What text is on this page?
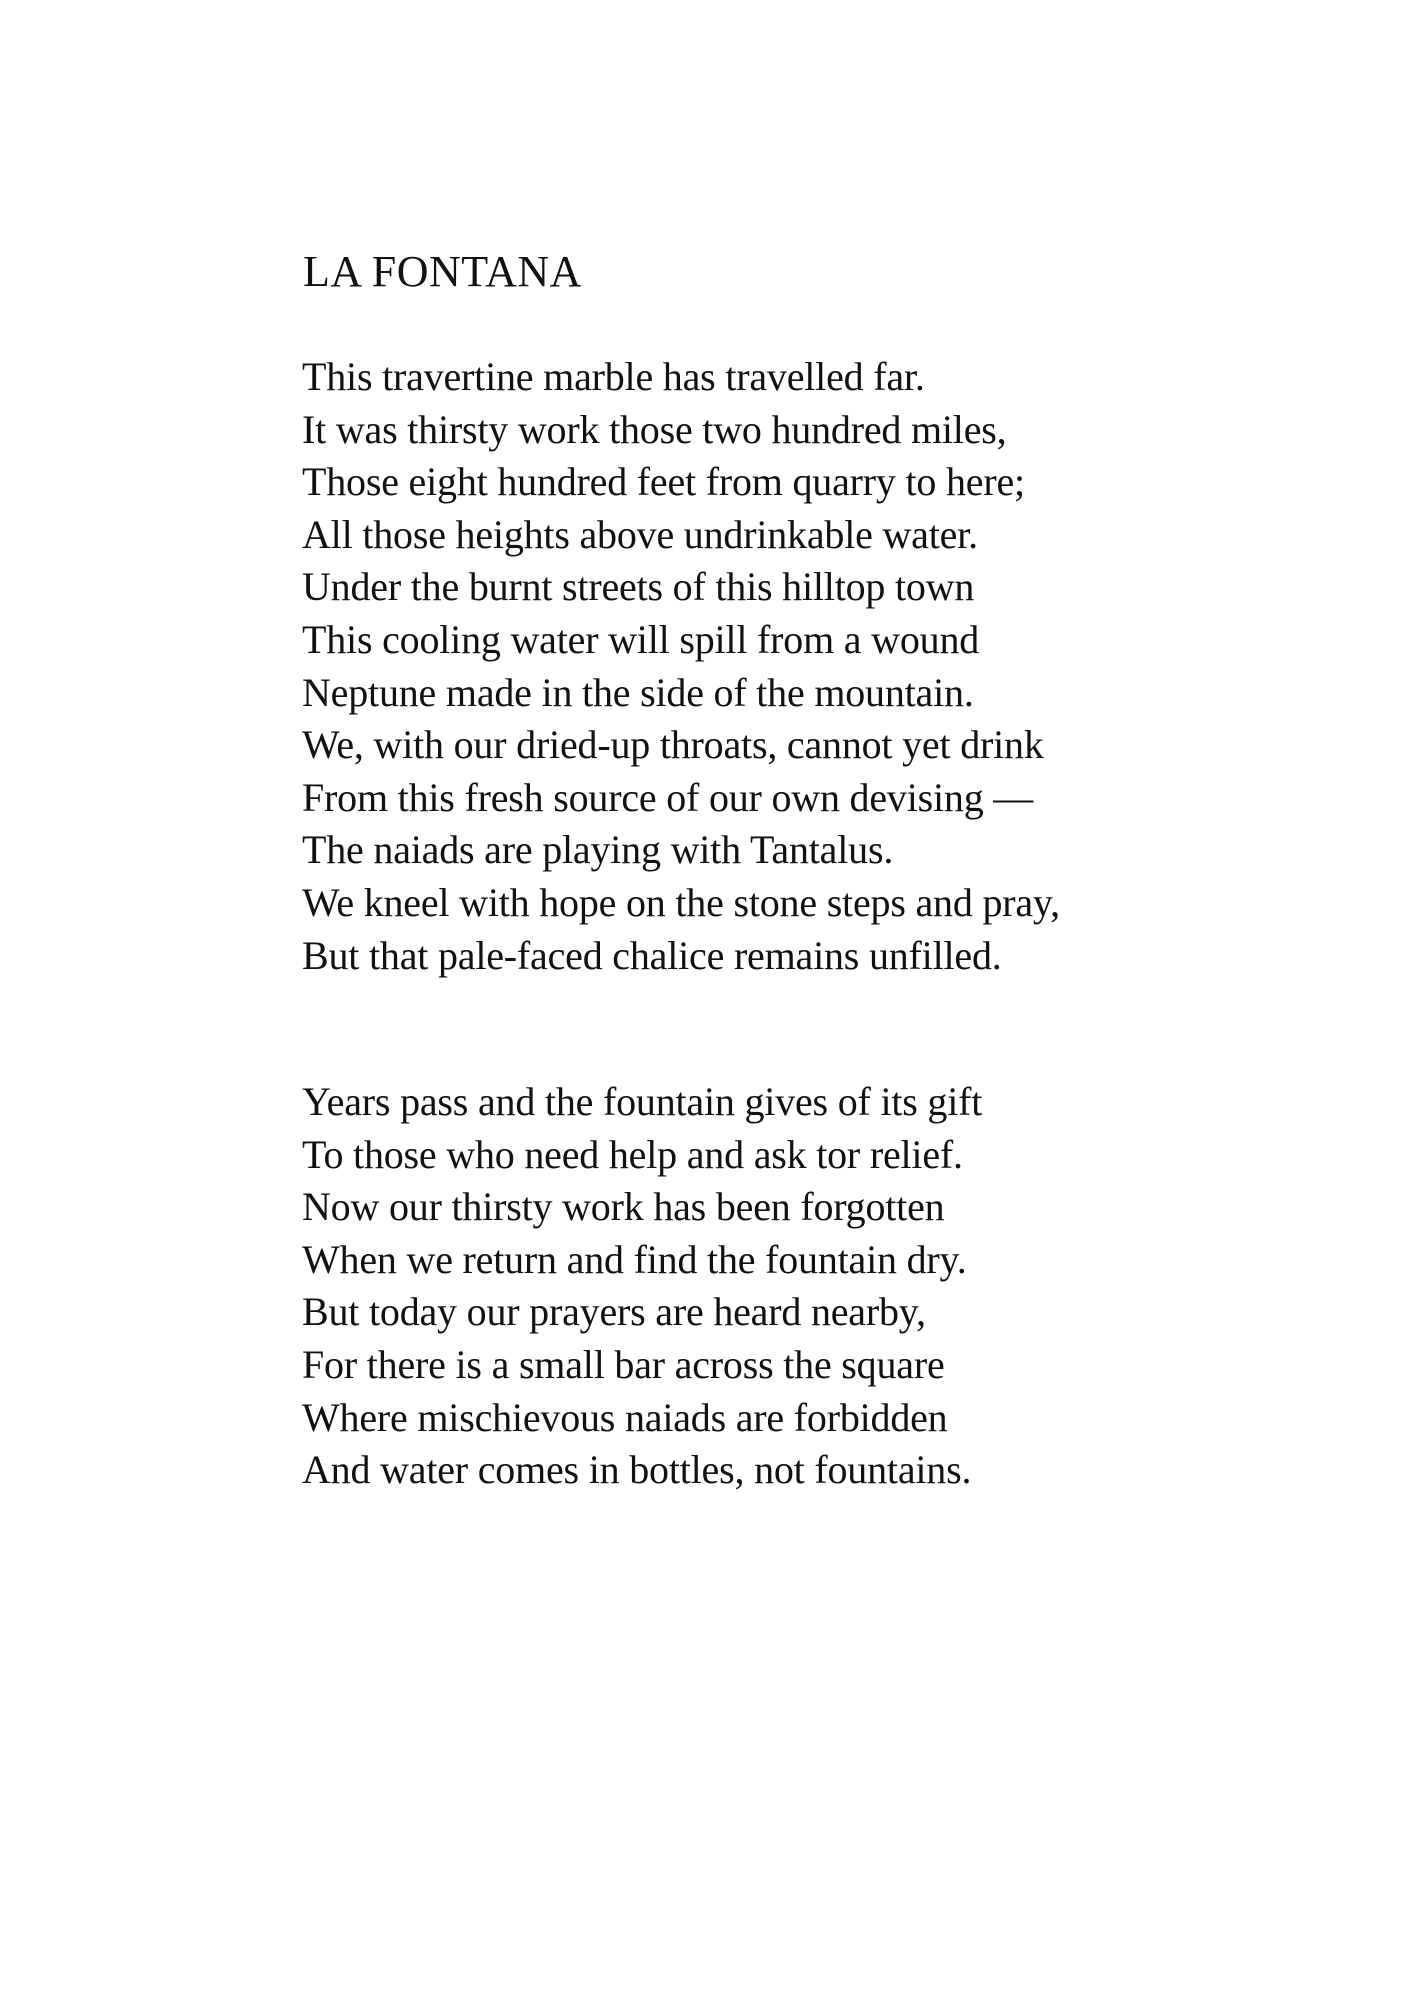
LA FONTANA
This travertine marble has travelled far.
It was thirsty work those two hundred miles,
Those eight hundred feet from quarry to here;
All those heights above undrinkable water.
Under the burnt streets of this hilltop town
This cooling water will spill from a wound
Neptune made in the side of the mountain.
We, with our dried-up throats, cannot yet drink
From this fresh source of our own devising —
The naiads are playing with Tantalus.
We kneel with hope on the stone steps and pray,
But that pale-faced chalice remains unfilled.
Years pass and the fountain gives of its gift
To those who need help and ask tor relief.
Now our thirsty work has been forgotten
When we return and find the fountain dry.
But today our prayers are heard nearby,
For there is a small bar across the square
Where mischievous naiads are forbidden
And water comes in bottles, not fountains.
